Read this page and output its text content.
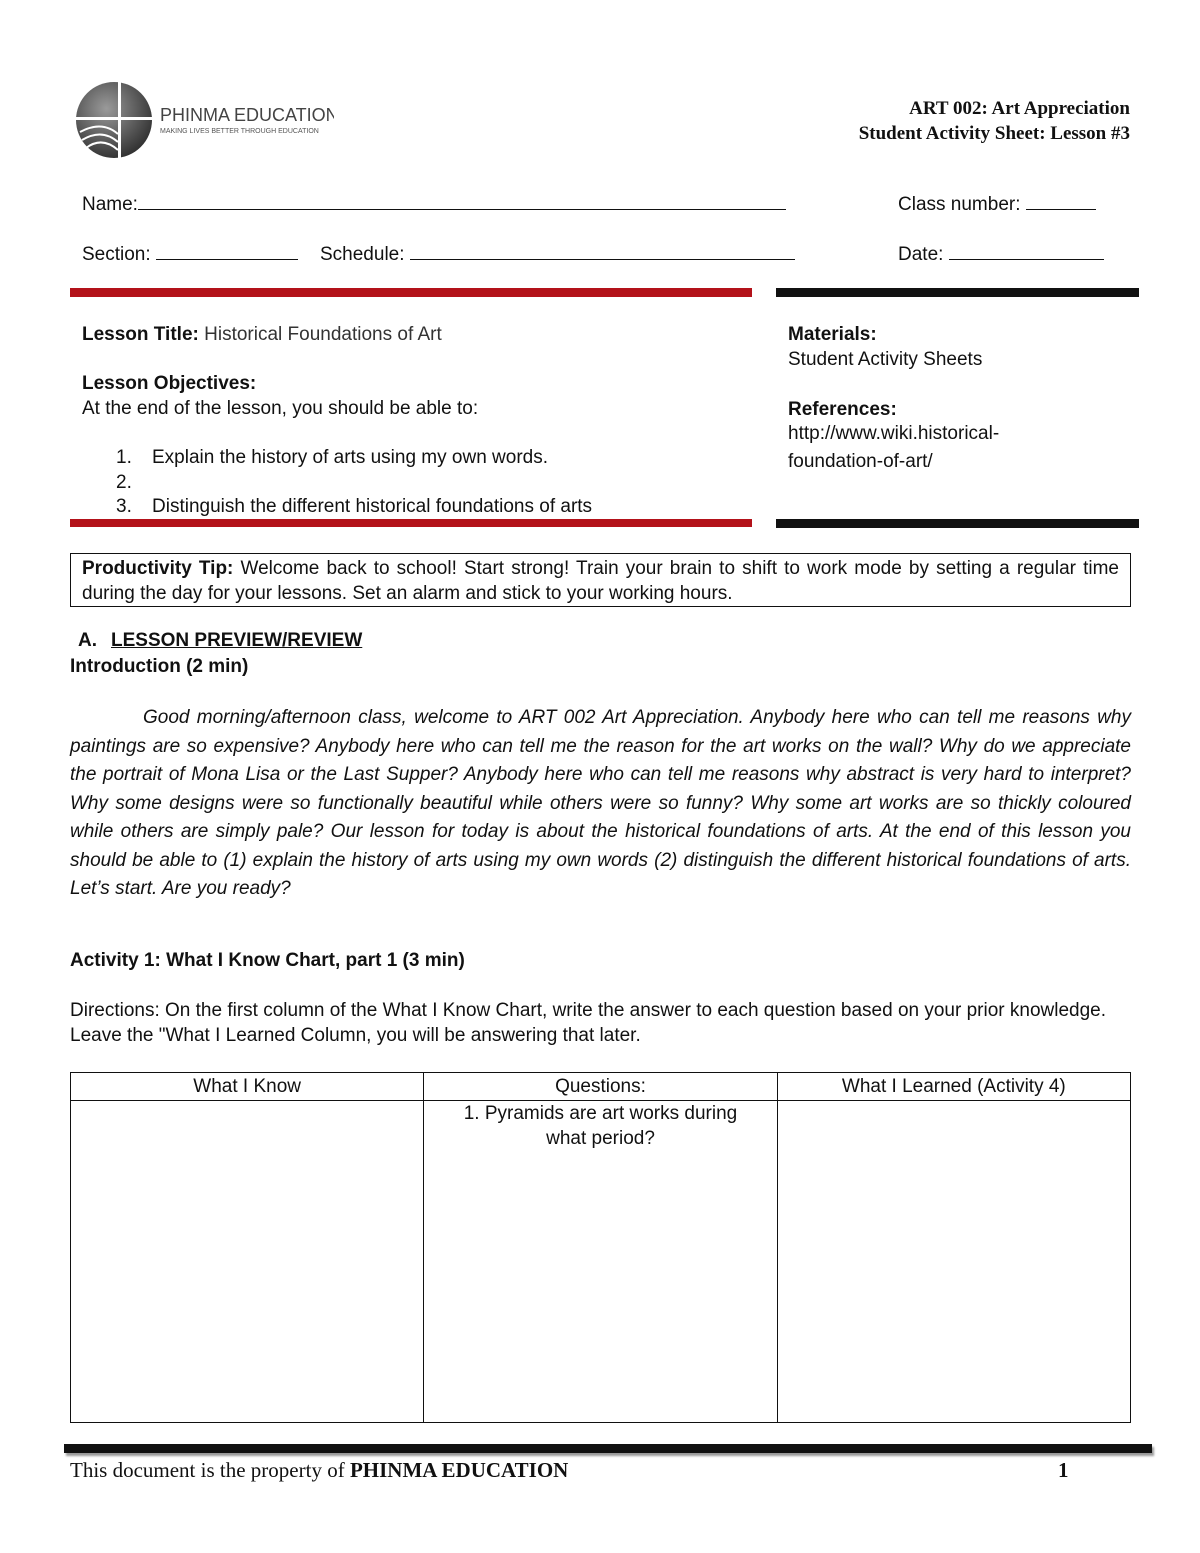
PHINMA EDUCATION
MAKING LIVES BETTER THROUGH EDUCATION
ART 002: Art Appreciation
Student Activity Sheet: Lesson #3
Name:	Class number:
Section:	Schedule:	Date:
Lesson Title: Historical Foundations of Art
Lesson Objectives:
At the end of the lesson, you should be able to:
1. Explain the history of arts using my own words.
2.
3. Distinguish the different historical foundations of arts
Materials:
Student Activity Sheets
References:
http://www.wiki.historical-
foundation-of-art/
Productivity Tip: Welcome back to school! Start strong! Train your brain to shift to work mode by setting a regular time during the day for your lessons. Set an alarm and stick to your working hours.
A. LESSON PREVIEW/REVIEW
Introduction (2 min)
Good morning/afternoon class, welcome to ART 002 Art Appreciation. Anybody here who can tell me reasons why paintings are so expensive? Anybody here who can tell me the reason for the art works on the wall? Why do we appreciate the portrait of Mona Lisa or the Last Supper? Anybody here who can tell me reasons why abstract is very hard to interpret? Why some designs were so functionally beautiful while others were so funny? Why some art works are so thickly coloured while others are simply pale? Our lesson for today is about the historical foundations of arts. At the end of this lesson you should be able to (1) explain the history of arts using my own words (2) distinguish the different historical foundations of arts. Let’s start. Are you ready?
Activity 1: What I Know Chart, part 1 (3 min)
Directions: On the first column of the What I Know Chart, write the answer to each question based on your prior knowledge. Leave the "What I Learned Column, you will be answering that later.
What I Know	Questions:	What I Learned (Activity 4)
	1. Pyramids are art works during what period?	
This document is the property of PHINMA EDUCATION	1
